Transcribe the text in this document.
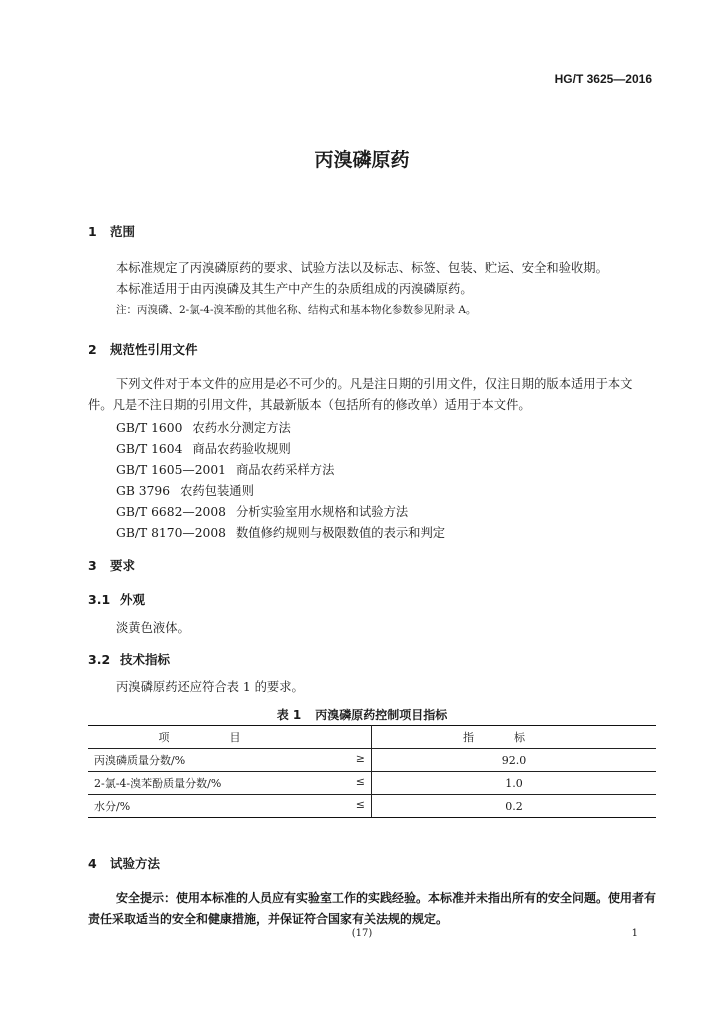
HG/T 3625—2016
丙溴磷原药
1 范围
本标准规定了丙溴磷原药的要求、试验方法以及标志、标签、包装、贮运、安全和验收期。
本标准适用于由丙溴磷及其生产中产生的杂质组成的丙溴磷原药。
注：丙溴磷、2-氯-4-溴苯酚的其他名称、结构式和基本物化参数参见附录 A。
2 规范性引用文件
下列文件对于本文件的应用是必不可少的。凡是注日期的引用文件，仅注日期的版本适用于本文件。凡是不注日期的引用文件，其最新版本（包括所有的修改单）适用于本文件。
GB/T 1600 农药水分测定方法
GB/T 1604 商品农药验收规则
GB/T 1605—2001 商品农药采样方法
GB 3796 农药包装通则
GB/T 6682—2008 分析实验室用水规格和试验方法
GB/T 8170—2008 数值修约规则与极限数值的表示和判定
3 要求
3.1 外观
淡黄色液体。
3.2 技术指标
丙溴磷原药还应符合表 1 的要求。
表 1 丙溴磷原药控制项目指标
项目	指标
丙溴磷质量分数/% ≥	92.0
2-氯-4-溴苯酚质量分数/% ≤	1.0
水分/% ≤	0.2
4 试验方法
安全提示：使用本标准的人员应有实验室工作的实践经验。本标准并未指出所有的安全问题。使用者有责任采取适当的安全和健康措施，并保证符合国家有关法规的规定。
(17)	1
